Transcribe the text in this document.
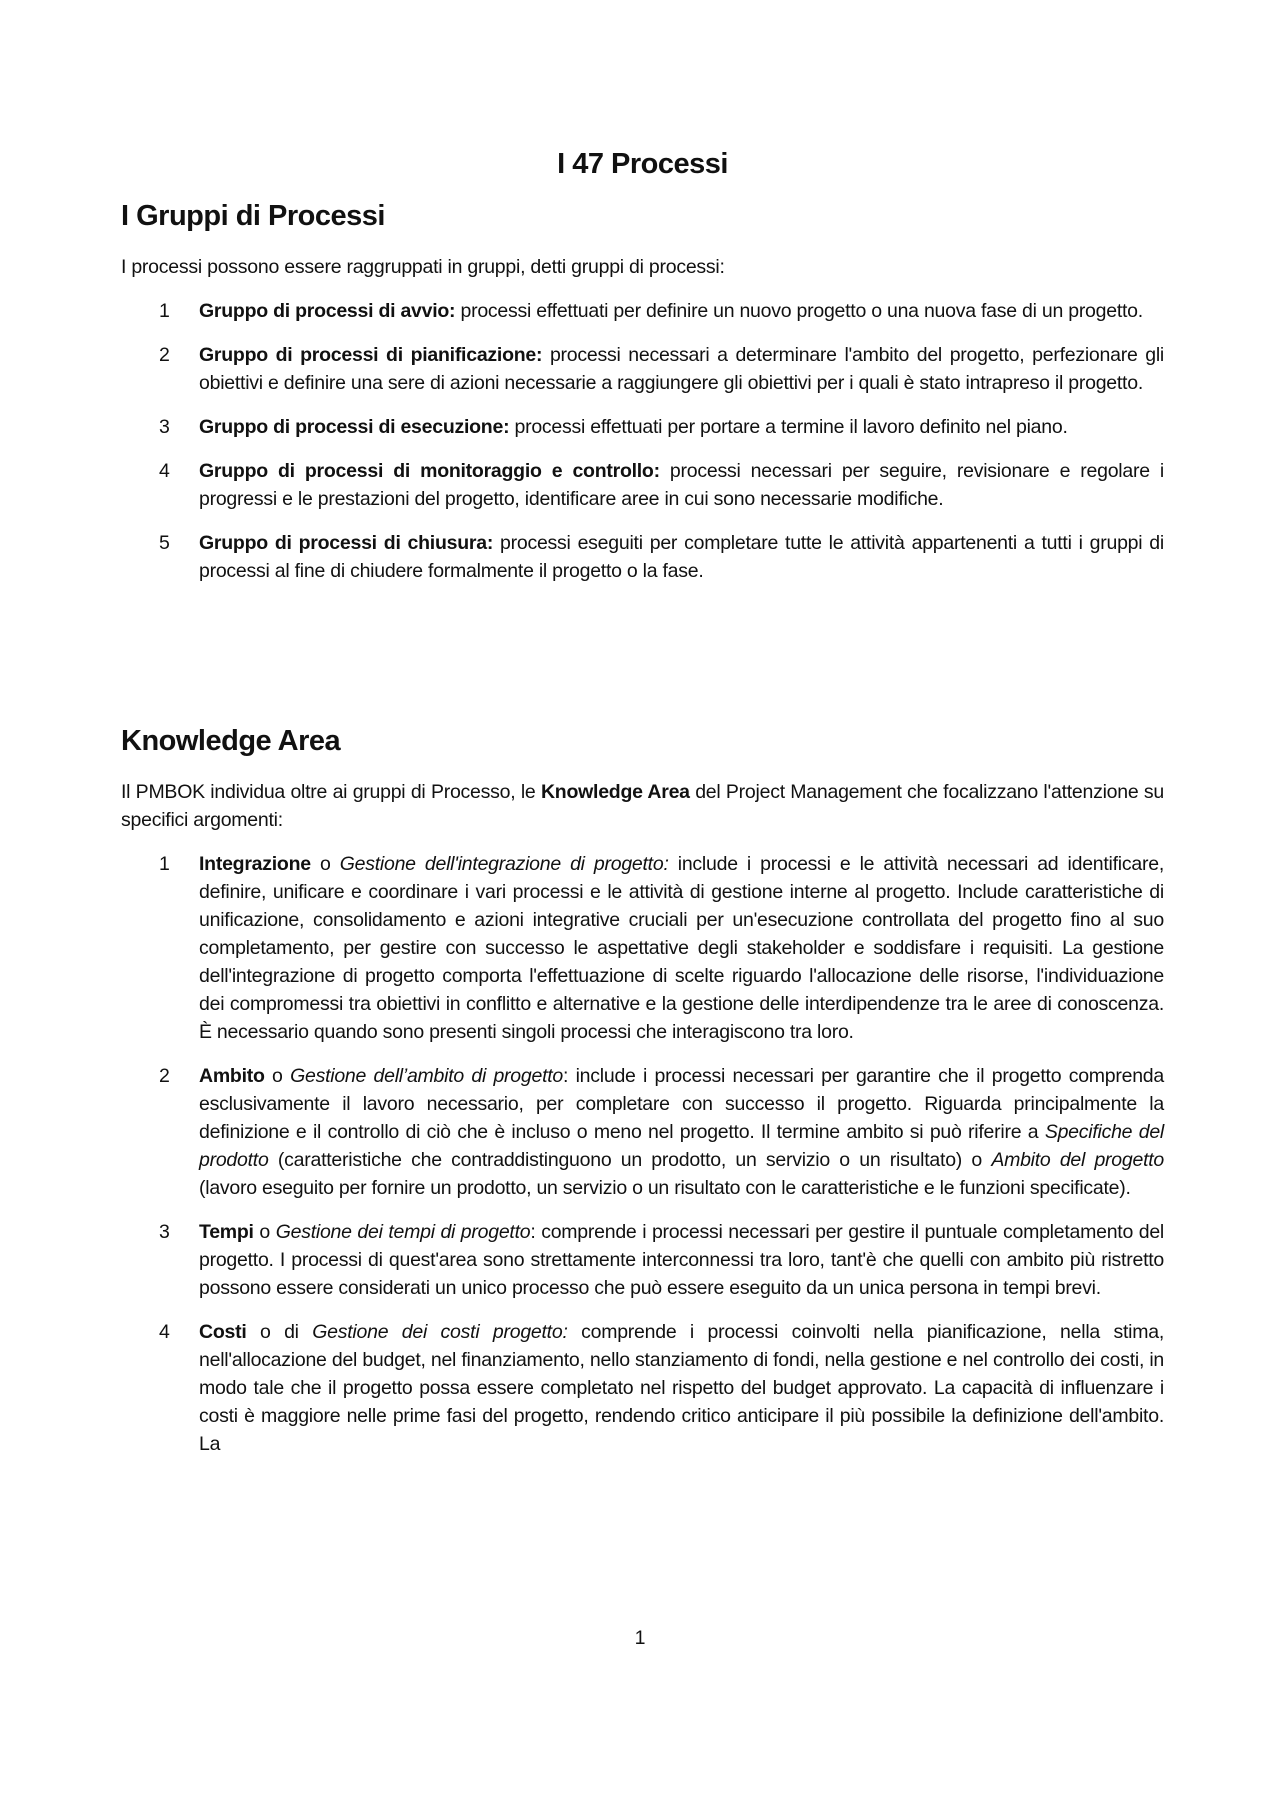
I 47 Processi
I Gruppi di Processi

I processi possono essere raggruppati in gruppi, detti gruppi di processi:

1 Gruppo di processi di avvio: processi effettuati per definire un nuovo progetto o una nuova fase di un progetto.
2 Gruppo di processi di pianificazione: processi necessari a determinare l'ambito del progetto, perfezionare gli obiettivi e definire una sere di azioni necessarie a raggiungere gli obiettivi per i quali è stato intrapreso il progetto.
3 Gruppo di processi di esecuzione: processi effettuati per portare a termine il lavoro definito nel piano.
4 Gruppo di processi di monitoraggio e controllo: processi necessari per seguire, revisionare e regolare i progressi e le prestazioni del progetto, identificare aree in cui sono necessarie modifiche.
5 Gruppo di processi di chiusura: processi eseguiti per completare tutte le attività appartenenti a tutti i gruppi di processi al fine di chiudere formalmente il progetto o la fase.
Knowledge Area

Il PMBOK individua oltre ai gruppi di Processo, le Knowledge Area del Project Management che focalizzano l'attenzione su specifici argomenti:

1 Integrazione o Gestione dell'integrazione di progetto: include i processi e le attività necessari ad identificare, definire, unificare e coordinare i vari processi e le attività di gestione interne al progetto. Include caratteristiche di unificazione, consolidamento e azioni integrative cruciali per un'esecuzione controllata del progetto fino al suo completamento, per gestire con successo le aspettative degli stakeholder e soddisfare i requisiti. La gestione dell'integrazione di progetto comporta l'effettuazione di scelte riguardo l'allocazione delle risorse, l'individuazione dei compromessi tra obiettivi in conflitto e alternative e la gestione delle interdipendenze tra le aree di conoscenza. È necessario quando sono presenti singoli processi che interagiscono tra loro.
2 Ambito o Gestione dell’ambito di progetto: include i processi necessari per garantire che il progetto comprenda esclusivamente il lavoro necessario, per completare con successo il progetto. Riguarda principalmente la definizione e il controllo di ciò che è incluso o meno nel progetto. Il termine ambito si può riferire a Specifiche del prodotto (caratteristiche che contraddistinguono un prodotto, un servizio o un risultato) o Ambito del progetto (lavoro eseguito per fornire un prodotto, un servizio o un risultato con le caratteristiche e le funzioni specificate).
3 Tempi o Gestione dei tempi di progetto: comprende i processi necessari per gestire il puntuale completamento del progetto. I processi di quest'area sono strettamente interconnessi tra loro, tant'è che quelli con ambito più ristretto possono essere considerati un unico processo che può essere eseguito da un unica persona in tempi brevi.
4 Costi o di Gestione dei costi progetto: comprende i processi coinvolti nella pianificazione, nella stima, nell'allocazione del budget, nel finanziamento, nello stanziamento di fondi, nella gestione e nel controllo dei costi, in modo tale che il progetto possa essere completato nel rispetto del budget approvato. La capacità di influenzare i costi è maggiore nelle prime fasi del progetto, rendendo critico anticipare il più possibile la definizione dell'ambito. La
1
